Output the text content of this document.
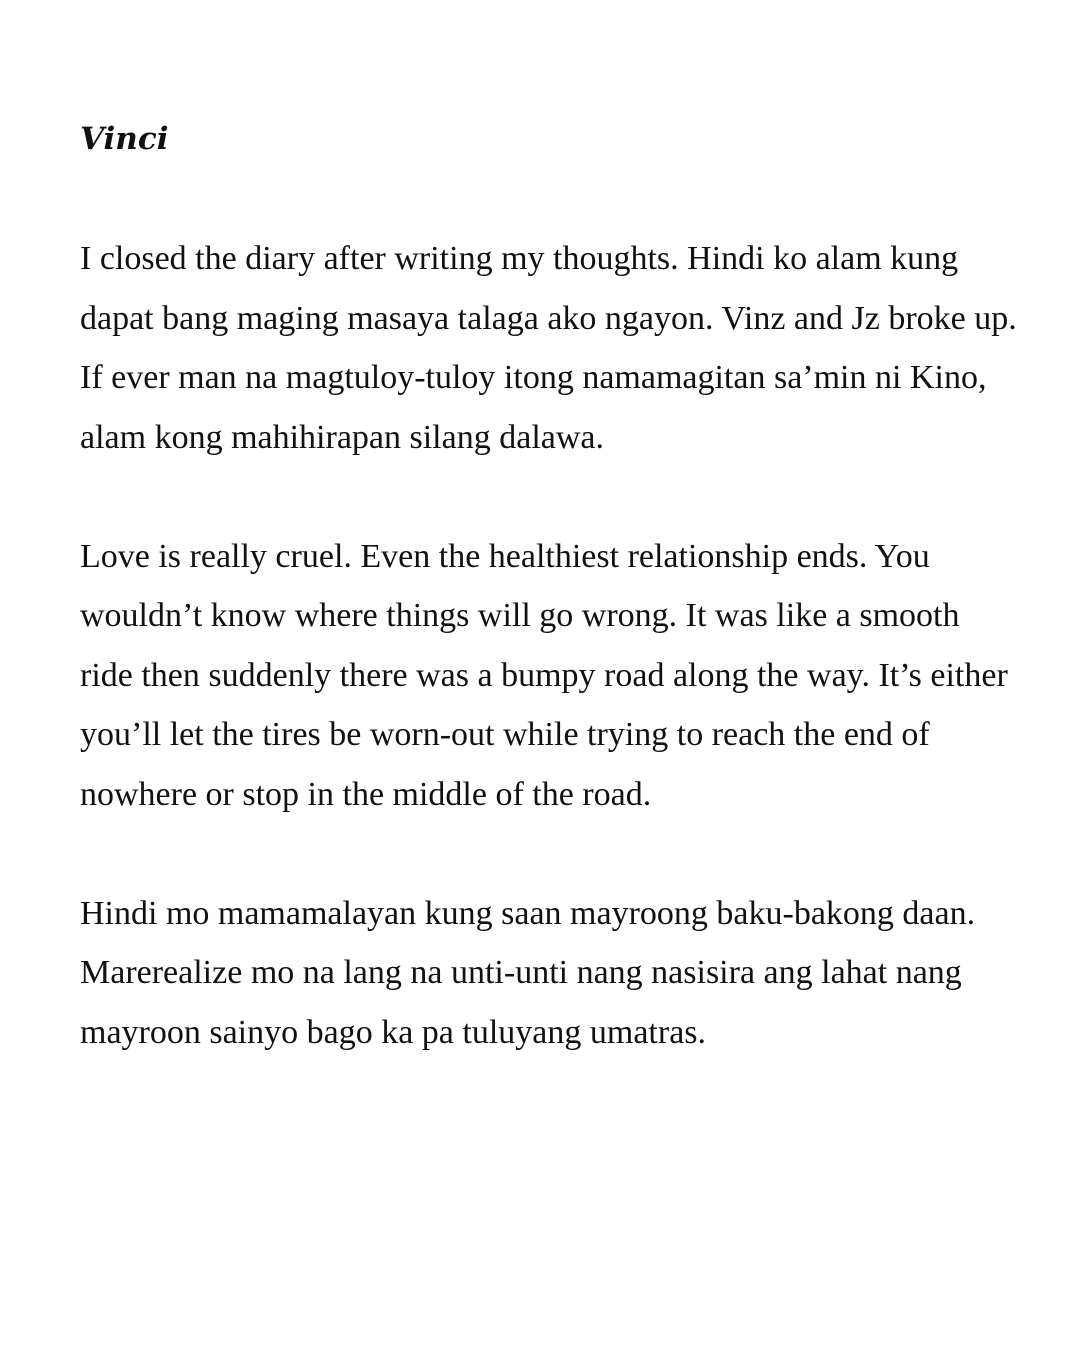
Vinci

I closed the diary after writing my thoughts. Hindi ko alam kung dapat bang maging masaya talaga ako ngayon. Vinz and Jz broke up. If ever man na magtuloy-tuloy itong namamagitan sa’min ni Kino, alam kong mahihirapan silang dalawa.

Love is really cruel. Even the healthiest relationship ends. You wouldn’t know where things will go wrong. It was like a smooth ride then suddenly there was a bumpy road along the way. It’s either you’ll let the tires be worn-out while trying to reach the end of nowhere or stop in the middle of the road.

Hindi mo mamamalayan kung saan mayroong baku-bakong daan. Marerealize mo na lang na unti-unti nang nasisira ang lahat nang mayroon sainyo bago ka pa tuluyang umatras.
